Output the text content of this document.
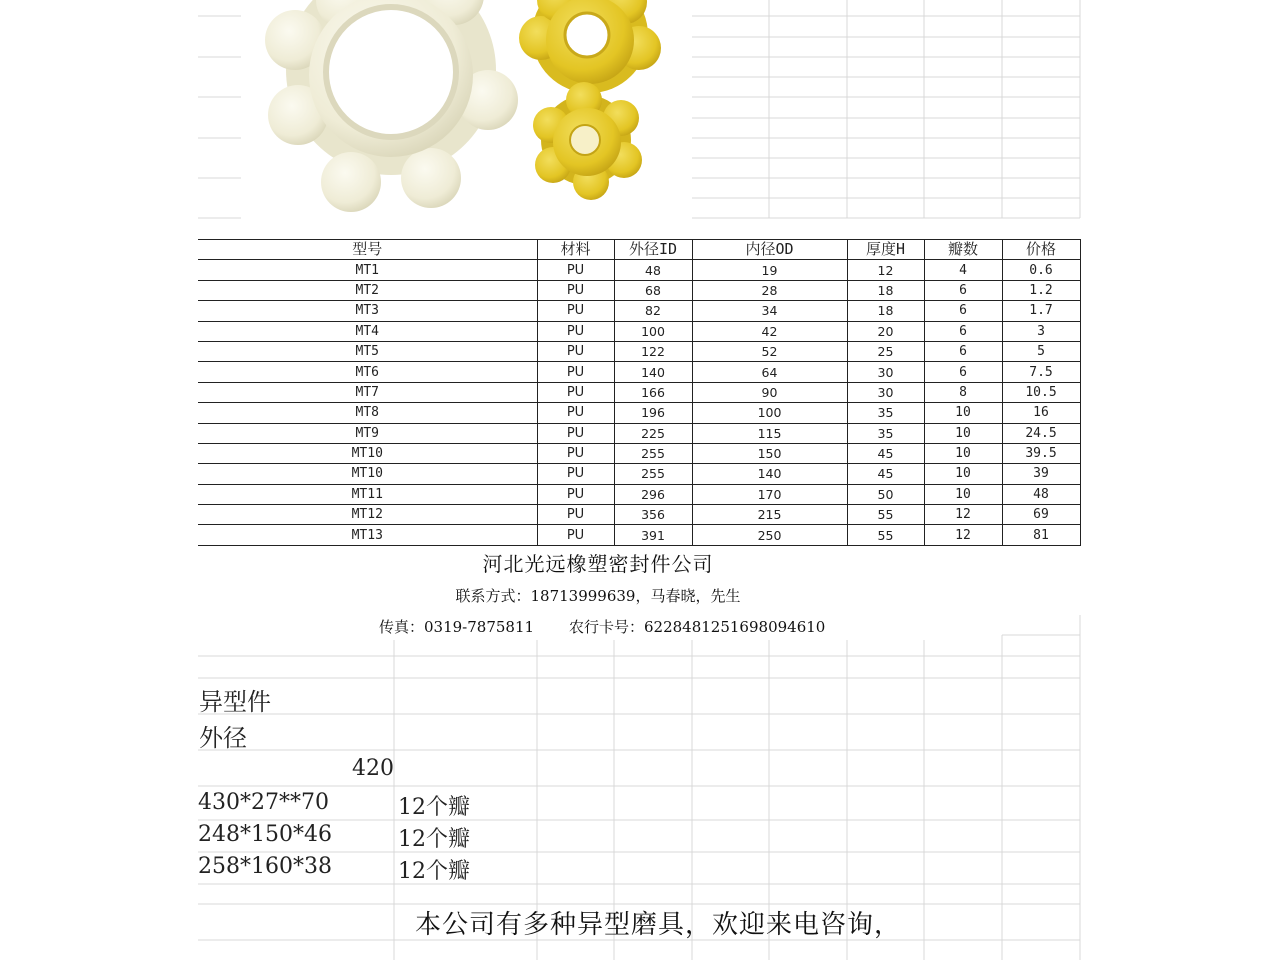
型号	材料	外径ID	内径OD	厚度H	瓣数	价格
MT1	PU	48	19	12	4	0.6
MT2	PU	68	28	18	6	1.2
MT3	PU	82	34	18	6	1.7
MT4	PU	100	42	20	6	3
MT5	PU	122	52	25	6	5
MT6	PU	140	64	30	6	7.5
MT7	PU	166	90	30	8	10.5
MT8	PU	196	100	35	10	16
MT9	PU	225	115	35	10	24.5
MT10	PU	255	150	45	10	39.5
MT10	PU	255	140	45	10	39
MT11	PU	296	170	50	10	48
MT12	PU	356	215	55	12	69
MT13	PU	391	250	55	12	81
河北光远橡塑密封件公司
联系方式：18713999639，马春晓，先生
传真：0319-7875811 农行卡号：6228481251698094610
异型件
外径
420
430*27**70	12个瓣
248*150*46	12个瓣
258*160*38	12个瓣
本公司有多种异型磨具，欢迎来电咨询，
